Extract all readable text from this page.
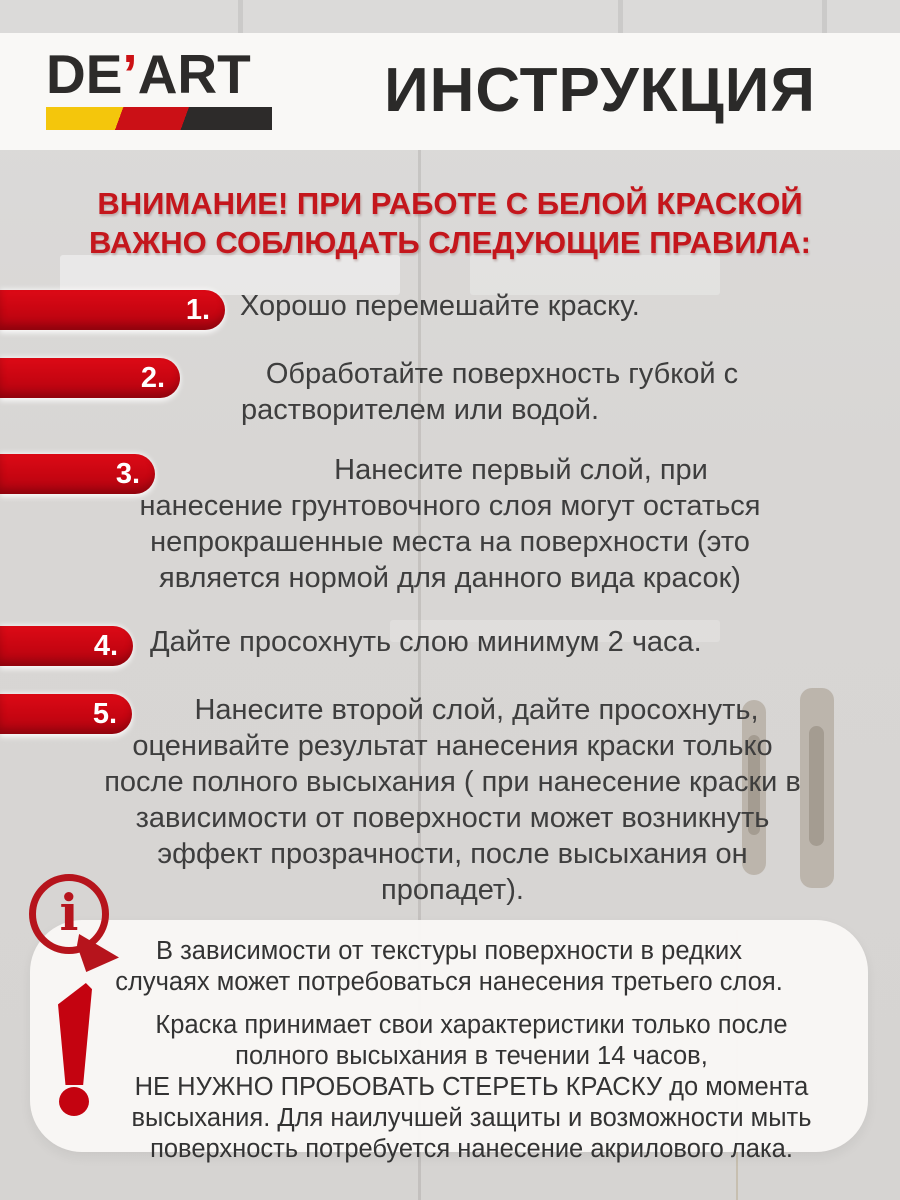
DE’ART	ИНСТРУКЦИЯ
ВНИМАНИЕ! ПРИ РАБОТЕ С БЕЛОЙ КРАСКОЙ ВАЖНО СОБЛЮДАТЬ СЛЕДУЮЩИЕ ПРАВИЛА:
1.	Хорошо перемешайте краску.

2.	Обработайте поверхность губкой с растворителем или водой.

3.	Нанесите первый слой, при нанесение грунтовочного слоя могут остаться непрокрашенные места на поверхности (это является нормой для данного вида красок)

4.	Дайте просохнуть слою минимум 2 часа.

5.	Нанесите второй слой, дайте просохнуть, оценивайте результат нанесения краски только после полного высыхания ( при нанесение краски в зависимости от поверхности может возникнуть эффект прозрачности, после высыхания он пропадет).

В зависимости от текстуры поверхности в редких случаях может потребоваться нанесения третьего слоя.

Краска принимает свои характеристики только после полного высыхания в течении 14 часов,
НЕ НУЖНО ПРОБОВАТЬ СТЕРЕТЬ КРАСКУ до момента высыхания. Для наилучшей защиты и возможности мыть поверхность потребуется нанесение акрилового лака.

i
